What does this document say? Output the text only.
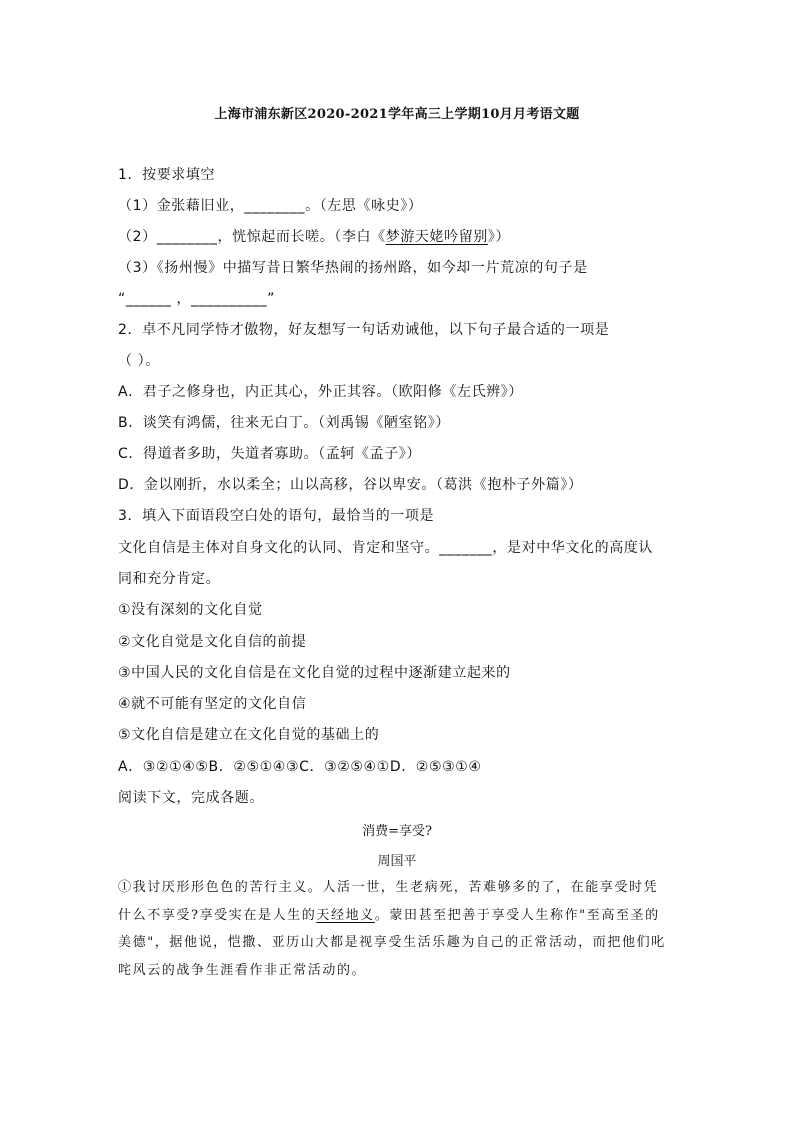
上海市浦东新区2020-2021学年高三上学期10月月考语文题
1．按要求填空
（1）金张藉旧业，________。（左思《咏史》）
（2）________，恍惊起而长嗟。（李白《梦游天姥吟留别》）
（3）《扬州慢》中描写昔日繁华热闹的扬州路，如今却一片荒凉的句子是
“______ ，__________”
2．卓不凡同学恃才傲物，好友想写一句话劝诫他，以下句子最合适的一项是
（ ）。
A．君子之修身也，内正其心，外正其容。（欧阳修《左氏辨》）
B．谈笑有鸿儒，往来无白丁。（刘禹锡《陋室铭》）
C．得道者多助，失道者寡助。（孟轲《孟子》）
D．金以刚折，水以柔全；山以高移，谷以卑安。（葛洪《抱朴子外篇》）
3．填入下面语段空白处的语句，最恰当的一项是
文化自信是主体对自身文化的认同、肯定和坚守。_______，是对中华文化的高度认
同和充分肯定。
①没有深刻的文化自觉
②文化自觉是文化自信的前提
③中国人民的文化自信是在文化自觉的过程中逐渐建立起来的
④就不可能有坚定的文化自信
⑤文化自信是建立在文化自觉的基础上的
A．③②①④⑤B．②⑤①④③C．③②⑤④①D．②⑤③①④
阅读下文，完成各题。
消费=享受?
周国平
①我讨厌形形色色的苦行主义。人活一世，生老病死，苦难够多的了，在能享受时凭
什么不享受?享受实在是人生的天经地义。蒙田甚至把善于享受人生称作"至高至圣的
美德"，据他说，恺撒、亚历山大都是视享受生活乐趣为自己的正常活动，而把他们叱
咤风云的战争生涯看作非正常活动的。
